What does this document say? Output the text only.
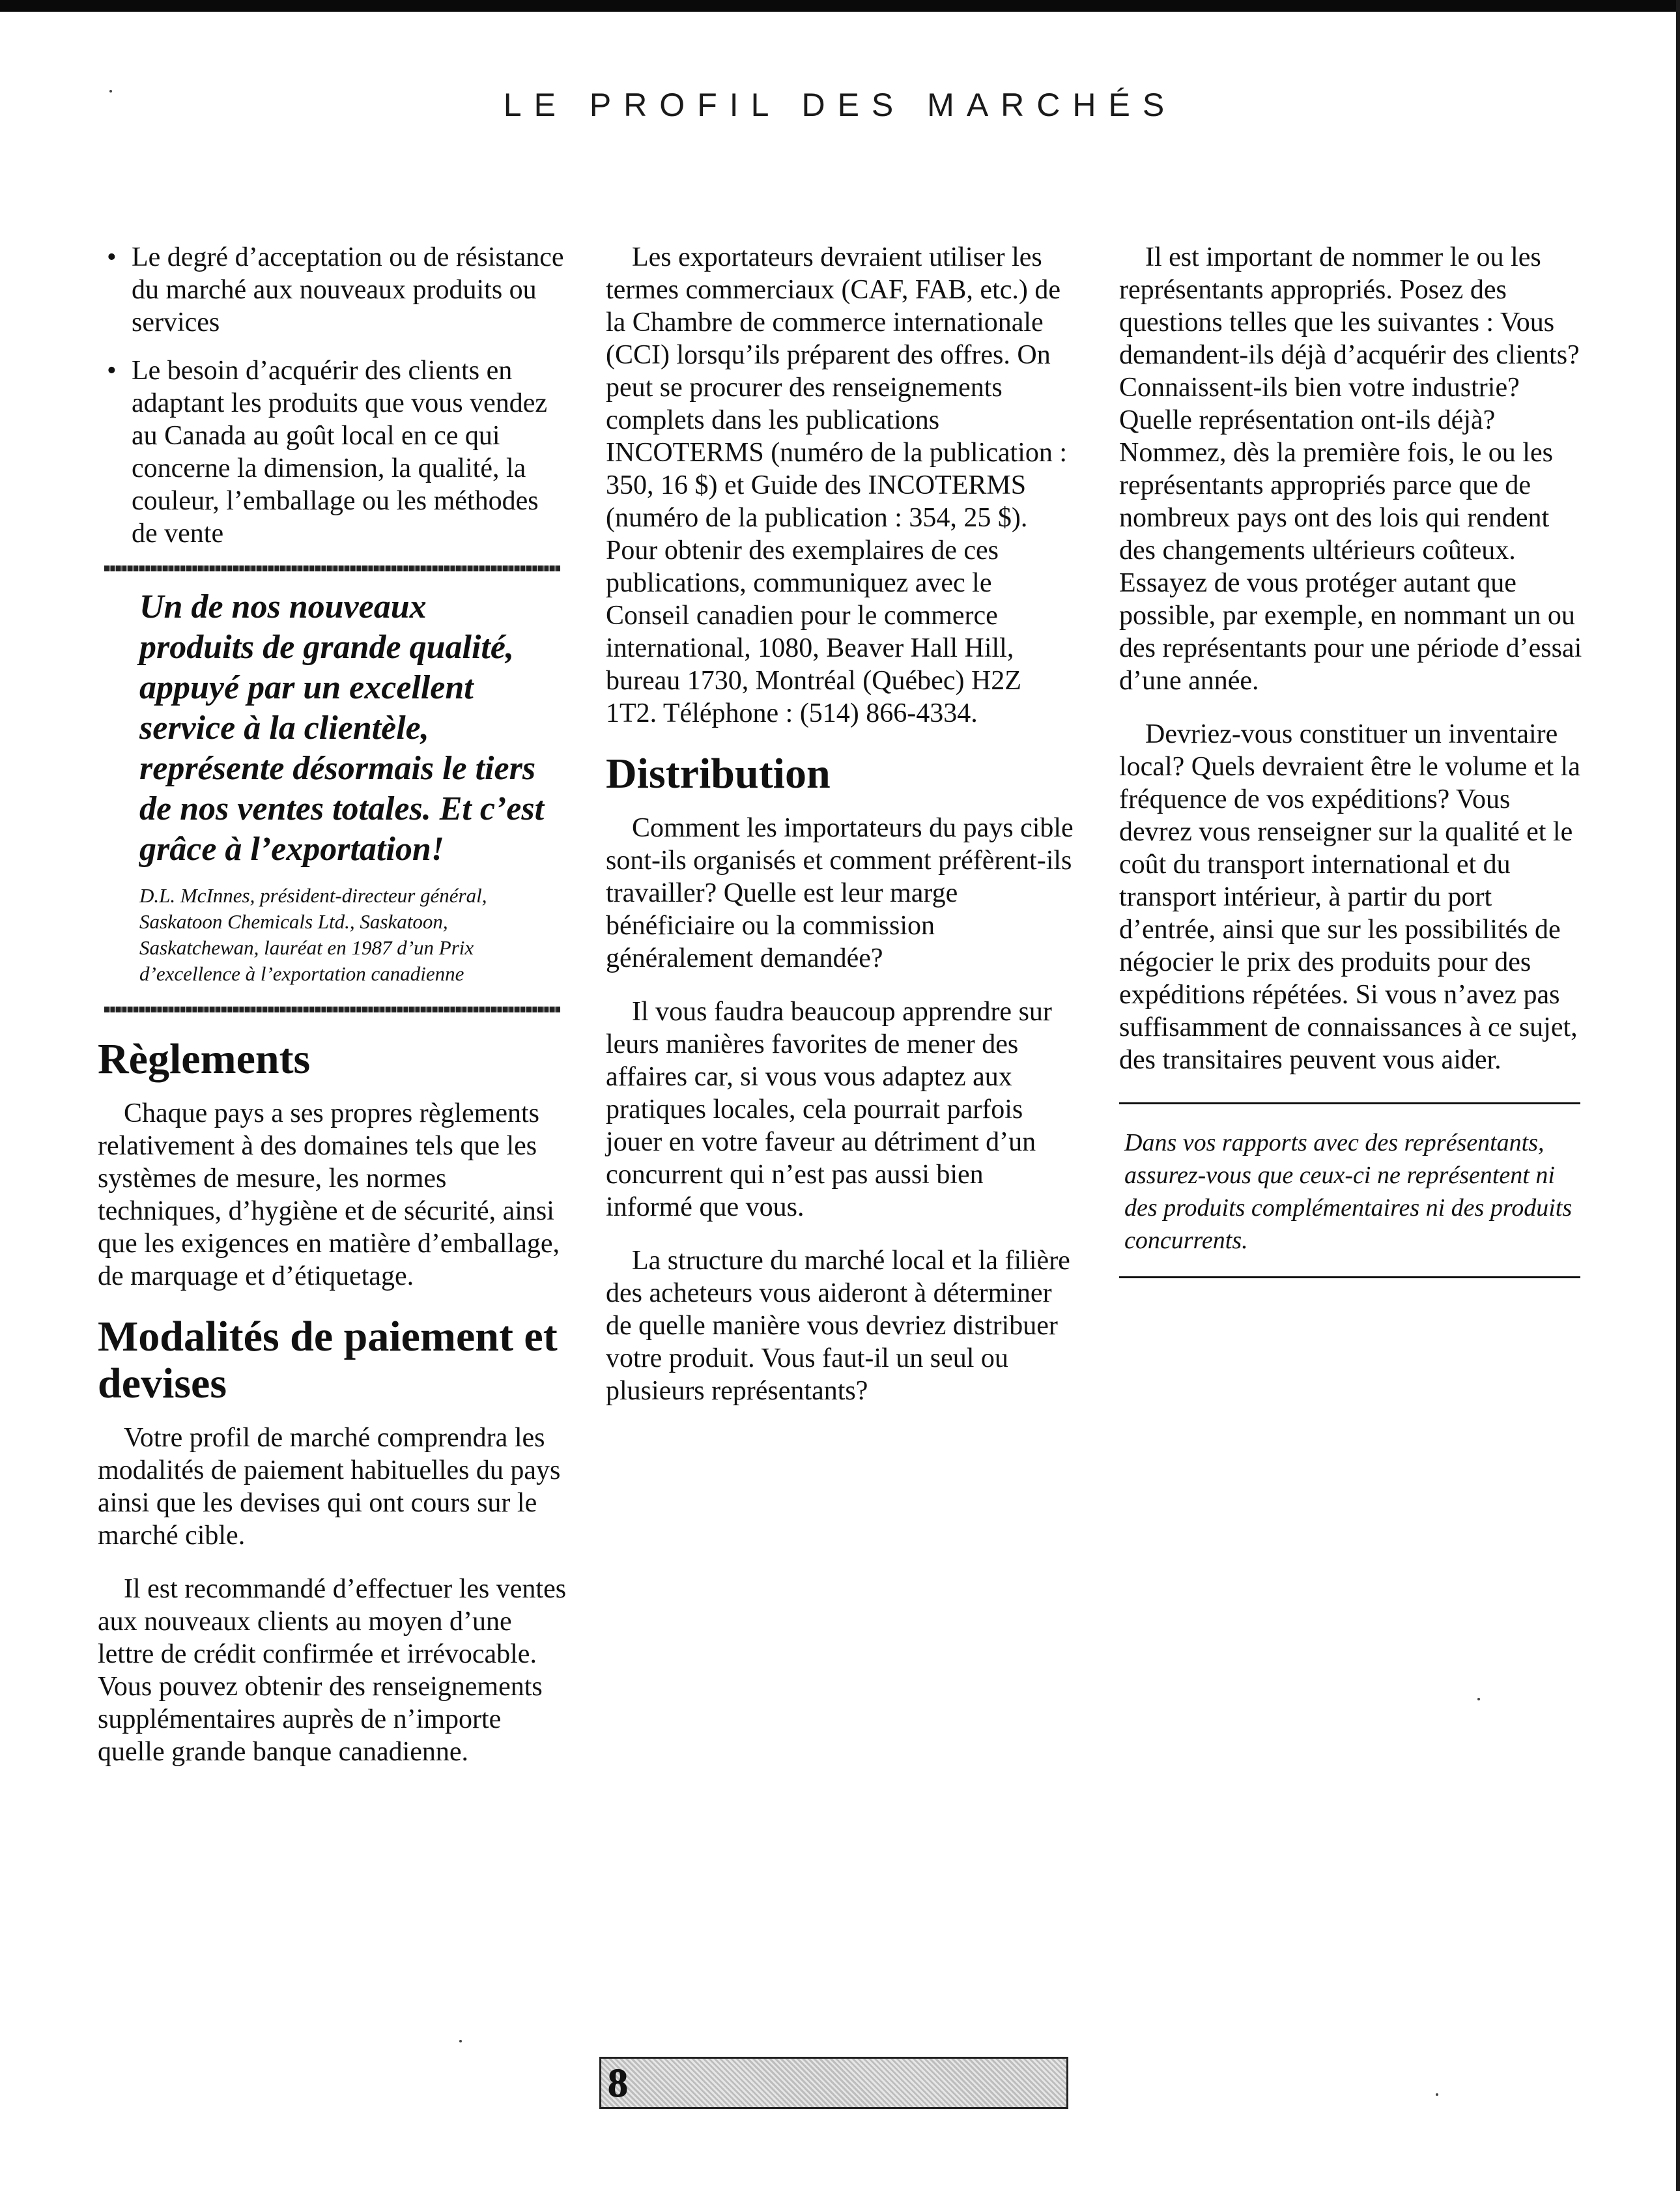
LE PROFIL DES MARCHÉS
• Le degré d’acceptation ou de résistance du marché aux nouveaux produits ou services
• Le besoin d’acquérir des clients en adaptant les produits que vous vendez au Canada au goût local en ce qui concerne la dimension, la qualité, la couleur, l’emballage ou les méthodes de vente
Un de nos nouveaux produits de grande qualité, appuyé par un excellent service à la clientèle, représente désormais le tiers de nos ventes totales. Et c’est grâce à l’exportation!
D.L. McInnes, président-directeur général, Saskatoon Chemicals Ltd., Saskatoon, Saskatchewan, lauréat en 1987 d’un Prix d’excellence à l’exportation canadienne
Règlements

Chaque pays a ses propres règlements relativement à des domaines tels que les systèmes de mesure, les normes techniques, d’hygiène et de sécurité, ainsi que les exigences en matière d’emballage, de marquage et d’étiquetage.

Modalités de paiement et devises

Votre profil de marché comprendra les modalités de paiement habituelles du pays ainsi que les devises qui ont cours sur le marché cible.

Il est recommandé d’effectuer les ventes aux nouveaux clients au moyen d’une lettre de crédit confirmée et irrévocable. Vous pouvez obtenir des renseignements supplémentaires auprès de n’importe quelle grande banque canadienne.

Les exportateurs devraient utiliser les termes commerciaux (CAF, FAB, etc.) de la Chambre de commerce internationale (CCI) lorsqu’ils préparent des offres. On peut se procurer des renseignements complets dans les publications INCOTERMS (numéro de la publication : 350, 16 $) et Guide des INCOTERMS (numéro de la publication : 354, 25 $). Pour obtenir des exemplaires de ces publications, communiquez avec le Conseil canadien pour le commerce international, 1080, Beaver Hall Hill, bureau 1730, Montréal (Québec) H2Z 1T2. Téléphone : (514) 866-4334.

Distribution

Comment les importateurs du pays cible sont-ils organisés et comment préfèrent-ils travailler? Quelle est leur marge bénéficiaire ou la commission généralement demandée?

Il vous faudra beaucoup apprendre sur leurs manières favorites de mener des affaires car, si vous vous adaptez aux pratiques locales, cela pourrait parfois jouer en votre faveur au détriment d’un concurrent qui n’est pas aussi bien informé que vous.

La structure du marché local et la filière des acheteurs vous aideront à déterminer de quelle manière vous devriez distribuer votre produit. Vous faut-il un seul ou plusieurs représentants?

Il est important de nommer le ou les représentants appropriés. Posez des questions telles que les suivantes : Vous demandent-ils déjà d’acquérir des clients? Connaissent-ils bien votre industrie? Quelle représentation ont-ils déjà? Nommez, dès la première fois, le ou les représentants appropriés parce que de nombreux pays ont des lois qui rendent des changements ultérieurs coûteux. Essayez de vous protéger autant que possible, par exemple, en nommant un ou des représentants pour une période d’essai d’une année.

Devriez-vous constituer un inventaire local? Quels devraient être le volume et la fréquence de vos expéditions? Vous devrez vous renseigner sur la qualité et le coût du transport international et du transport intérieur, à partir du port d’entrée, ainsi que sur les possibilités de négocier le prix des produits pour des expéditions répétées. Si vous n’avez pas suffisamment de connaissances à ce sujet, des transitaires peuvent vous aider.

Dans vos rapports avec des représentants, assurez-vous que ceux-ci ne représentent ni des produits complémentaires ni des produits concurrents.
8
